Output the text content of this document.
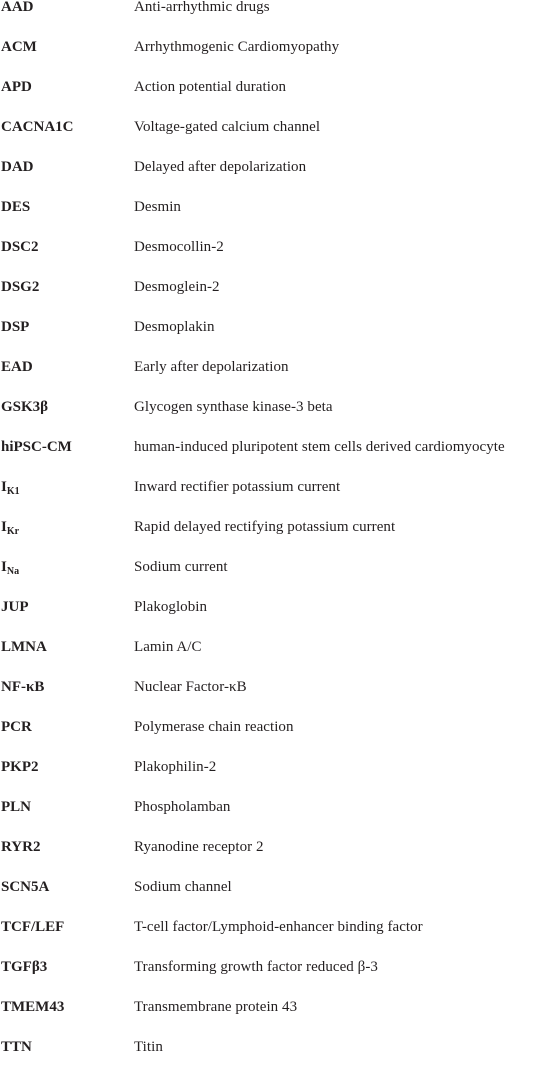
AAD	Anti-arrhythmic drugs
ACM	Arrhythmogenic Cardiomyopathy
APD	Action potential duration
CACNA1C	Voltage-gated calcium channel
DAD	Delayed after depolarization
DES	Desmin
DSC2	Desmocollin-2
DSG2	Desmoglein-2
DSP	Desmoplakin
EAD	Early after depolarization
GSK3β	Glycogen synthase kinase-3 beta
hiPSC-CM	human-induced pluripotent stem cells derived cardiomyocyte
$I_{K1}$	Inward rectifier potassium current
$I_{Kr}$	Rapid delayed rectifying potassium current
$I_{Na}$	Sodium current
JUP	Plakoglobin
LMNA	Lamin A/C
NF-κB	Nuclear Factor-κB
PCR	Polymerase chain reaction
PKP2	Plakophilin-2
PLN	Phospholamban
RYR2	Ryanodine receptor 2
SCN5A	Sodium channel
TCF/LEF	T-cell factor/Lymphoid-enhancer binding factor
TGFβ3	Transforming growth factor reduced β-3
TMEM43	Transmembrane protein 43
TTN	Titin
